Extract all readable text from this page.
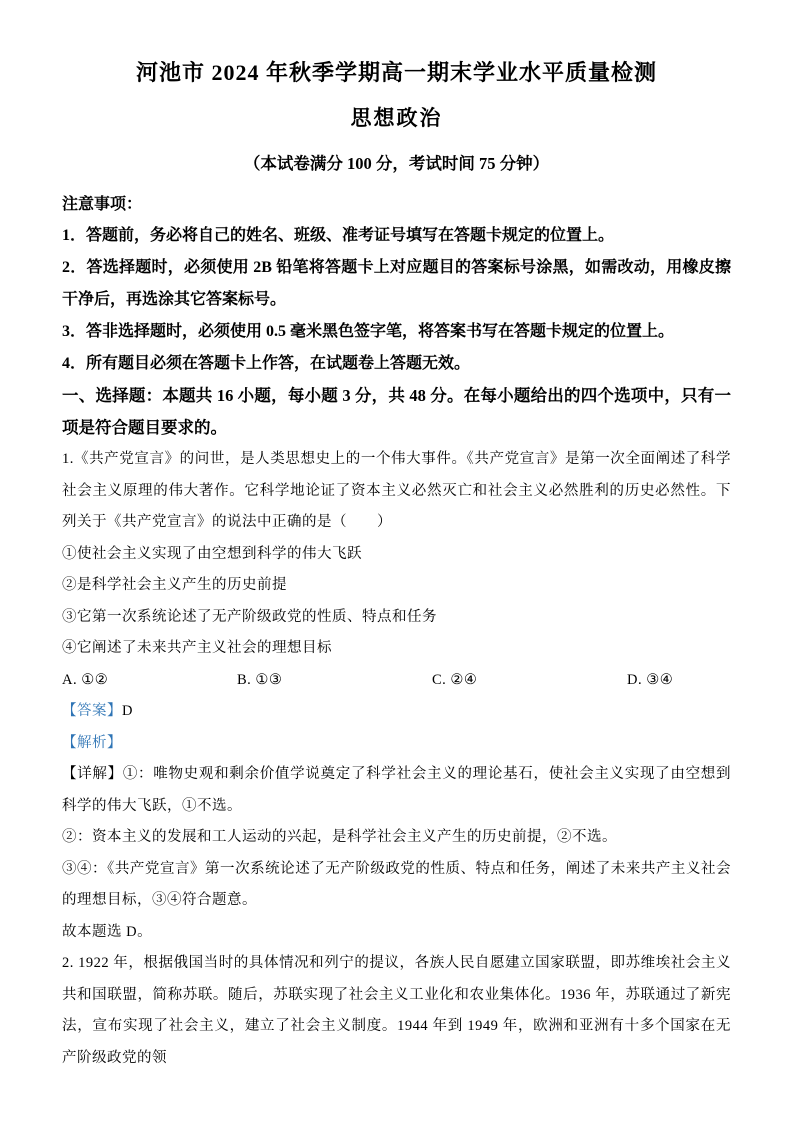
河池市 2024 年秋季学期高一期末学业水平质量检测
思想政治

（本试卷满分 100 分，考试时间 75 分钟）

注意事项：

1．答题前，务必将自己的姓名、班级、准考证号填写在答题卡规定的位置上。

2．答选择题时，必须使用 2B 铅笔将答题卡上对应题目的答案标号涂黑，如需改动，用橡皮擦干净后，再选涂其它答案标号。

3．答非选择题时，必须使用 0.5 毫米黑色签字笔，将答案书写在答题卡规定的位置上。

4．所有题目必须在答题卡上作答，在试题卷上答题无效。

一、选择题：本题共 16 小题，每小题 3 分，共 48 分。在每小题给出的四个选项中，只有一项是符合题目要求的。

1.《共产党宣言》的问世，是人类思想史上的一个伟大事件。《共产党宣言》是第一次全面阐述了科学社会主义原理的伟大著作。它科学地论证了资本主义必然灭亡和社会主义必然胜利的历史必然性。下列关于《共产党宣言》的说法中正确的是（　　）

①使社会主义实现了由空想到科学的伟大飞跃

②是科学社会主义产生的历史前提

③它第一次系统论述了无产阶级政党的性质、特点和任务

④它阐述了未来共产主义社会的理想目标

A. ①②	B. ①③	C. ②④	D. ③④

【答案】D

【解析】

【详解】①：唯物史观和剩余价值学说奠定了科学社会主义的理论基石，使社会主义实现了由空想到科学的伟大飞跃，①不选。

②：资本主义的发展和工人运动的兴起，是科学社会主义产生的历史前提，②不选。

③④：《共产党宣言》第一次系统论述了无产阶级政党的性质、特点和任务，阐述了未来共产主义社会的理想目标，③④符合题意。

故本题选 D。

2. 1922 年，根据俄国当时的具体情况和列宁的提议，各族人民自愿建立国家联盟，即苏维埃社会主义共和国联盟，简称苏联。随后，苏联实现了社会主义工业化和农业集体化。1936 年，苏联通过了新宪法，宣布实现了社会主义，建立了社会主义制度。1944 年到 1949 年，欧洲和亚洲有十多个国家在无产阶级政党的领
